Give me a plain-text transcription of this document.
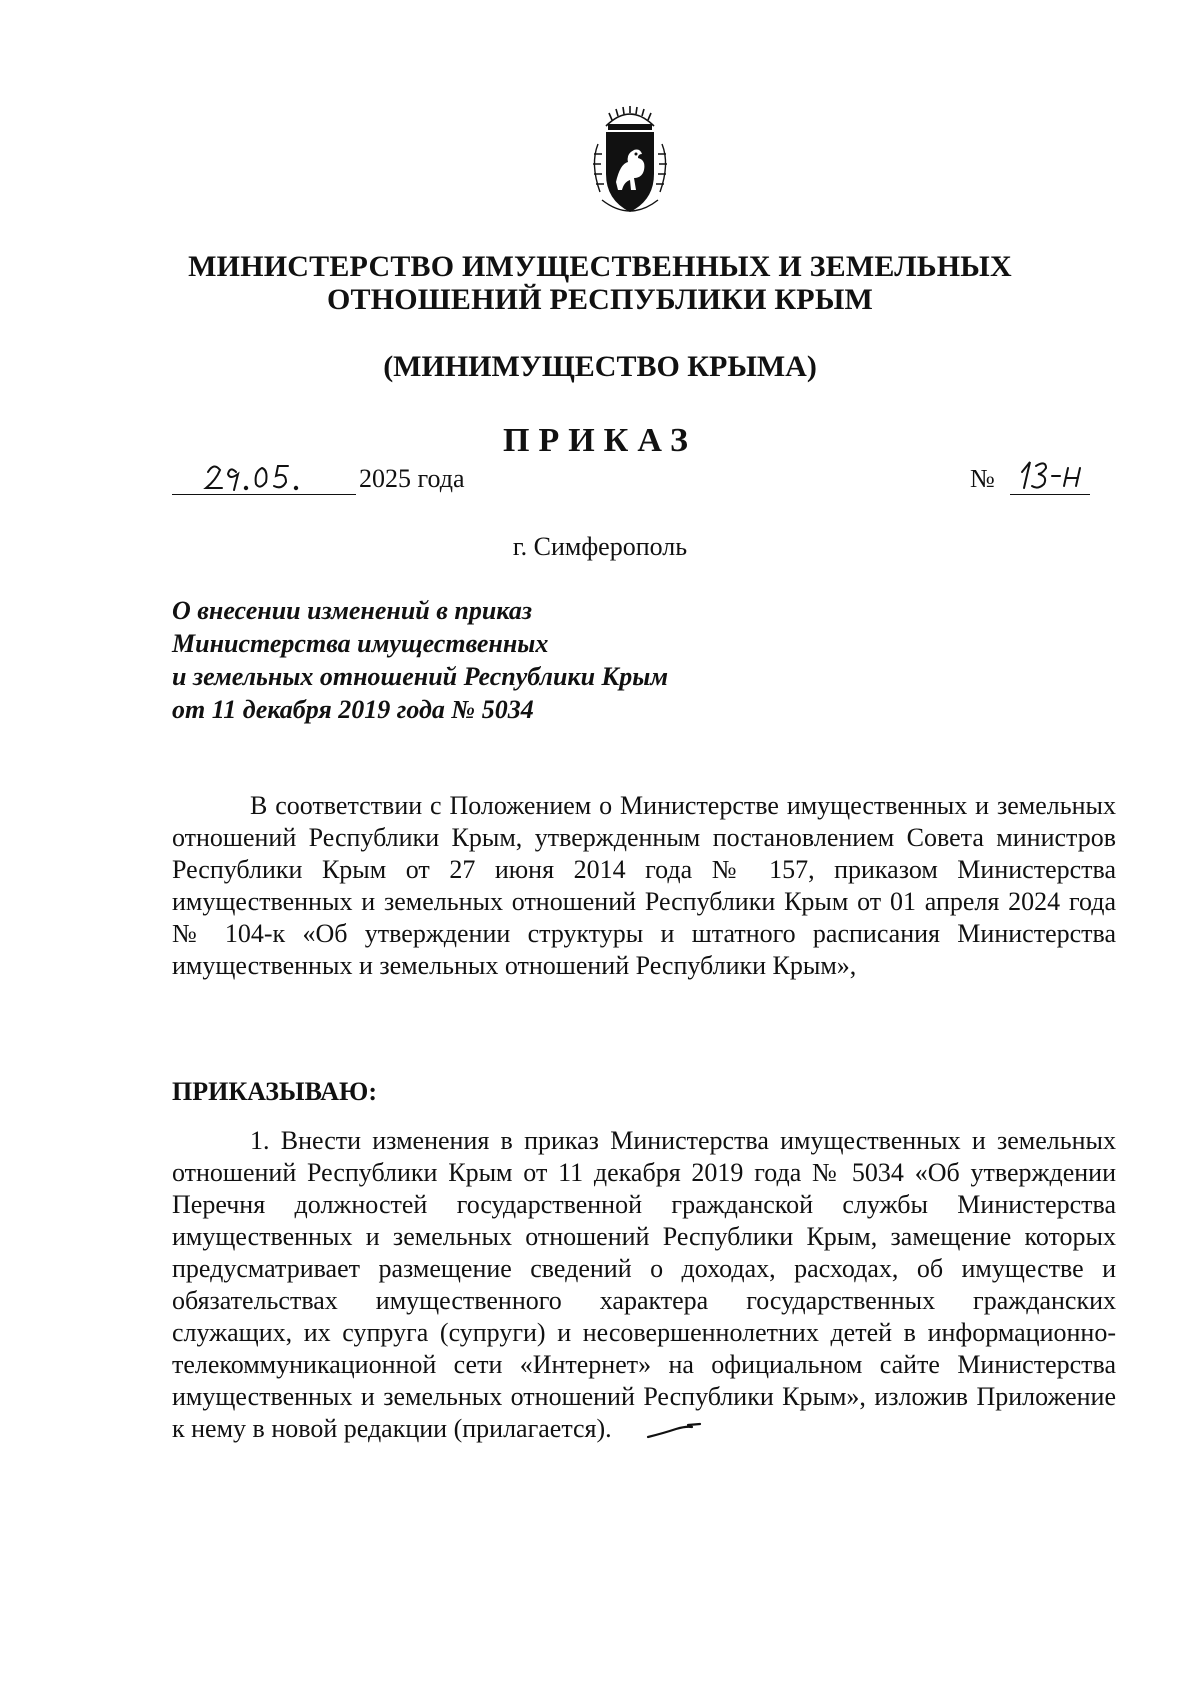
МИНИСТЕРСТВО ИМУЩЕСТВЕННЫХ И ЗЕМЕЛЬНЫХ
ОТНОШЕНИЙ РЕСПУБЛИКИ КРЫМ
(МИНИМУЩЕСТВО КРЫМА)
ПРИКАЗ
2025 года	№
г. Симферополь
О внесении изменений в приказ
Министерства имущественных
и земельных отношений Республики Крым
от 11 декабря 2019 года № 5034
В соответствии с Положением о Министерстве имущественных и земельных отношений Республики Крым, утвержденным постановлением Совета министров Республики Крым от 27 июня 2014 года № 157, приказом Министерства имущественных и земельных отношений Республики Крым от 01 апреля 2024 года № 104-к «Об утверждении структуры и штатного расписания Министерства имущественных и земельных отношений Республики Крым»,
ПРИКАЗЫВАЮ:
1. Внести изменения в приказ Министерства имущественных и земельных отношений Республики Крым от 11 декабря 2019 года № 5034 «Об утверждении Перечня должностей государственной гражданской службы Министерства имущественных и земельных отношений Республики Крым, замещение которых предусматривает размещение сведений о доходах, расходах, об имуществе и обязательствах имущественного характера государственных гражданских служащих, их супруга (супруги) и несовершеннолетних детей в информационно-телекоммуникационной сети «Интернет» на официальном сайте Министерства имущественных и земельных отношений Республики Крым», изложив Приложение к нему в новой редакции (прилагается).
